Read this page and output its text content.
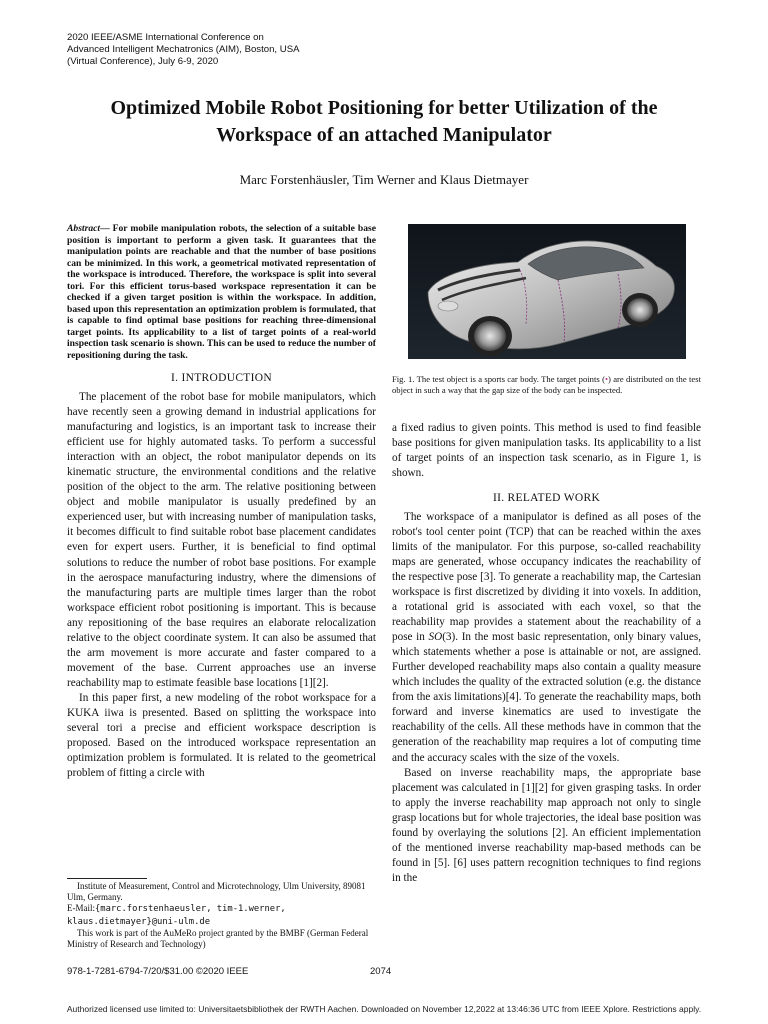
2020 IEEE/ASME International Conference on
Advanced Intelligent Mechatronics (AIM), Boston, USA
(Virtual Conference), July 6-9, 2020
Optimized Mobile Robot Positioning for better Utilization of the
Workspace of an attached Manipulator
Marc Forstenhäusler, Tim Werner and Klaus Dietmayer

Abstract— For mobile manipulation robots, the selection of a suitable base position is important to perform a given task. It guarantees that the manipulation points are reachable and that the number of base positions can be minimized. In this work, a geometrical motivated representation of the workspace is introduced. Therefore, the workspace is split into several tori. For this efficient torus-based workspace representation it can be checked if a given target position is within the workspace. In addition, based upon this representation an optimization problem is formulated, that is capable to find optimal base positions for reaching three-dimensional target points. Its applicability to a list of target points of a real-world inspection task scenario is shown. This can be used to reduce the number of repositioning during the task.

I. INTRODUCTION

The placement of the robot base for mobile manipulators, which have recently seen a growing demand in industrial applications for manufacturing and logistics, is an important task to increase their efficient use for highly automated tasks. To perform a successful interaction with an object, the robot manipulator depends on its kinematic structure, the environmental conditions and the relative position of the object to the arm. The relative positioning between object and mobile manipulator is usually predefined by an experienced user, but with increasing number of manipulation tasks, it becomes difficult to find suitable robot base placement candidates even for expert users. Further, it is beneficial to find optimal solutions to reduce the number of robot base positions. For example in the aerospace manufacturing industry, where the dimensions of the manufacturing parts are multiple times larger than the robot workspace efficient robot positioning is important. This is because any repositioning of the base requires an elaborate relocalization relative to the object coordinate system. It can also be assumed that the arm movement is more accurate and faster compared to a movement of the base. Current approaches use an inverse reachability map to estimate feasible base locations [1][2].

In this paper first, a new modeling of the robot workspace for a KUKA iiwa is presented. Based on splitting the workspace into several tori a precise and efficient workspace description is proposed. Based on the introduced workspace representation an optimization problem is formulated. It is related to the geometrical problem of fitting a circle with

Fig. 1. The test object is a sports car body. The target points (•) are distributed on the test object in such a way that the gap size of the body can be inspected.

a fixed radius to given points. This method is used to find feasible base positions for given manipulation tasks. Its applicability to a list of target points of an inspection task scenario, as in Figure 1, is shown.

II. RELATED WORK

The workspace of a manipulator is defined as all poses of the robot's tool center point (TCP) that can be reached within the axes limits of the manipulator. For this purpose, so-called reachability maps are generated, whose occupancy indicates the reachability of the respective pose [3]. To generate a reachability map, the Cartesian workspace is first discretized by dividing it into voxels. In addition, a rotational grid is associated with each voxel, so that the reachability map provides a statement about the reachability of a pose in SO(3). In the most basic representation, only binary values, which statements whether a pose is attainable or not, are assigned. Further developed reachability maps also contain a quality measure which includes the quality of the extracted solution (e.g. the distance from the axis limitations)[4]. To generate the reachability maps, both forward and inverse kinematics are used to investigate the reachability of the cells. All these methods have in common that the generation of the reachability map requires a lot of computing time and the accuracy scales with the size of the voxels.

Based on inverse reachability maps, the appropriate base placement was calculated in [1][2] for given grasping tasks. In order to apply the inverse reachability map approach not only to single grasp locations but for whole trajectories, the ideal base position was found by overlaying the solutions [2]. An efficient implementation of the mentioned inverse reachability map-based methods can be found in [5]. [6] uses pattern recognition techniques to find regions in the

Institute of Measurement, Control and Microtechnology, Ulm University, 89081 Ulm, Germany.

E-Mail:{marc.forstenhaeusler, tim-1.werner, klaus.dietmayer}@uni-ulm.de

This work is part of the AuMeRo project granted by the BMBF (German Federal Ministry of Research and Technology)

978-1-7281-6794-7/20/$31.00 ©2020 IEEE	2074
Authorized licensed use limited to: Universitaetsbibliothek der RWTH Aachen. Downloaded on November 12,2022 at 13:46:36 UTC from IEEE Xplore. Restrictions apply.
